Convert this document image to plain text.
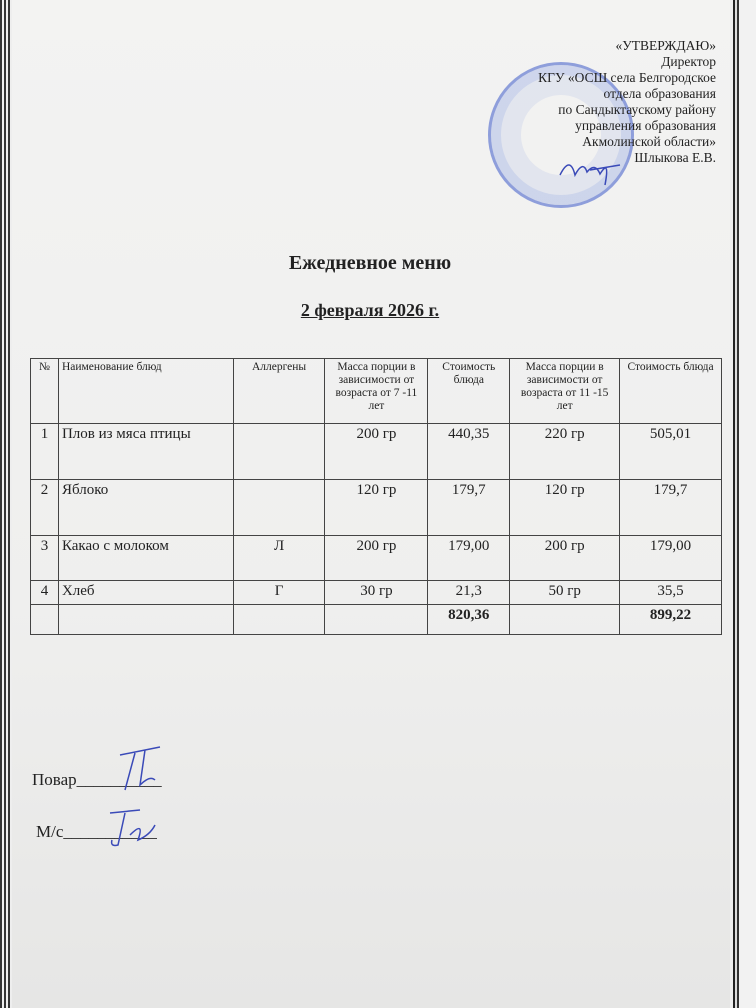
«УТВЕРЖДАЮ»
Директор
КГУ «ОСШ села Белгородское
отдела образования
по Сандыктаускому району
управления образования
Акмолинской области»
Шлыкова Е.В.
Ежедневное меню
2 февраля 2026 г.
№	Наименование блюд	Аллергены	Масса порции в зависимости от возраста от 7 -11 лет	Стоимость блюда	Масса порции в зависимости от возраста от 11 -15 лет	Стоимость блюда
1	Плов из мяса птицы		200 гр	440,35	220 гр	505,01
2	Яблоко		120 гр	179,7	120 гр	179,7
3	Какао с молоком	Л	200 гр	179,00	200 гр	179,00
4	Хлеб	Г	30 гр	21,3	50 гр	35,5
				820,36		899,22
Повар__________
М/с___________
